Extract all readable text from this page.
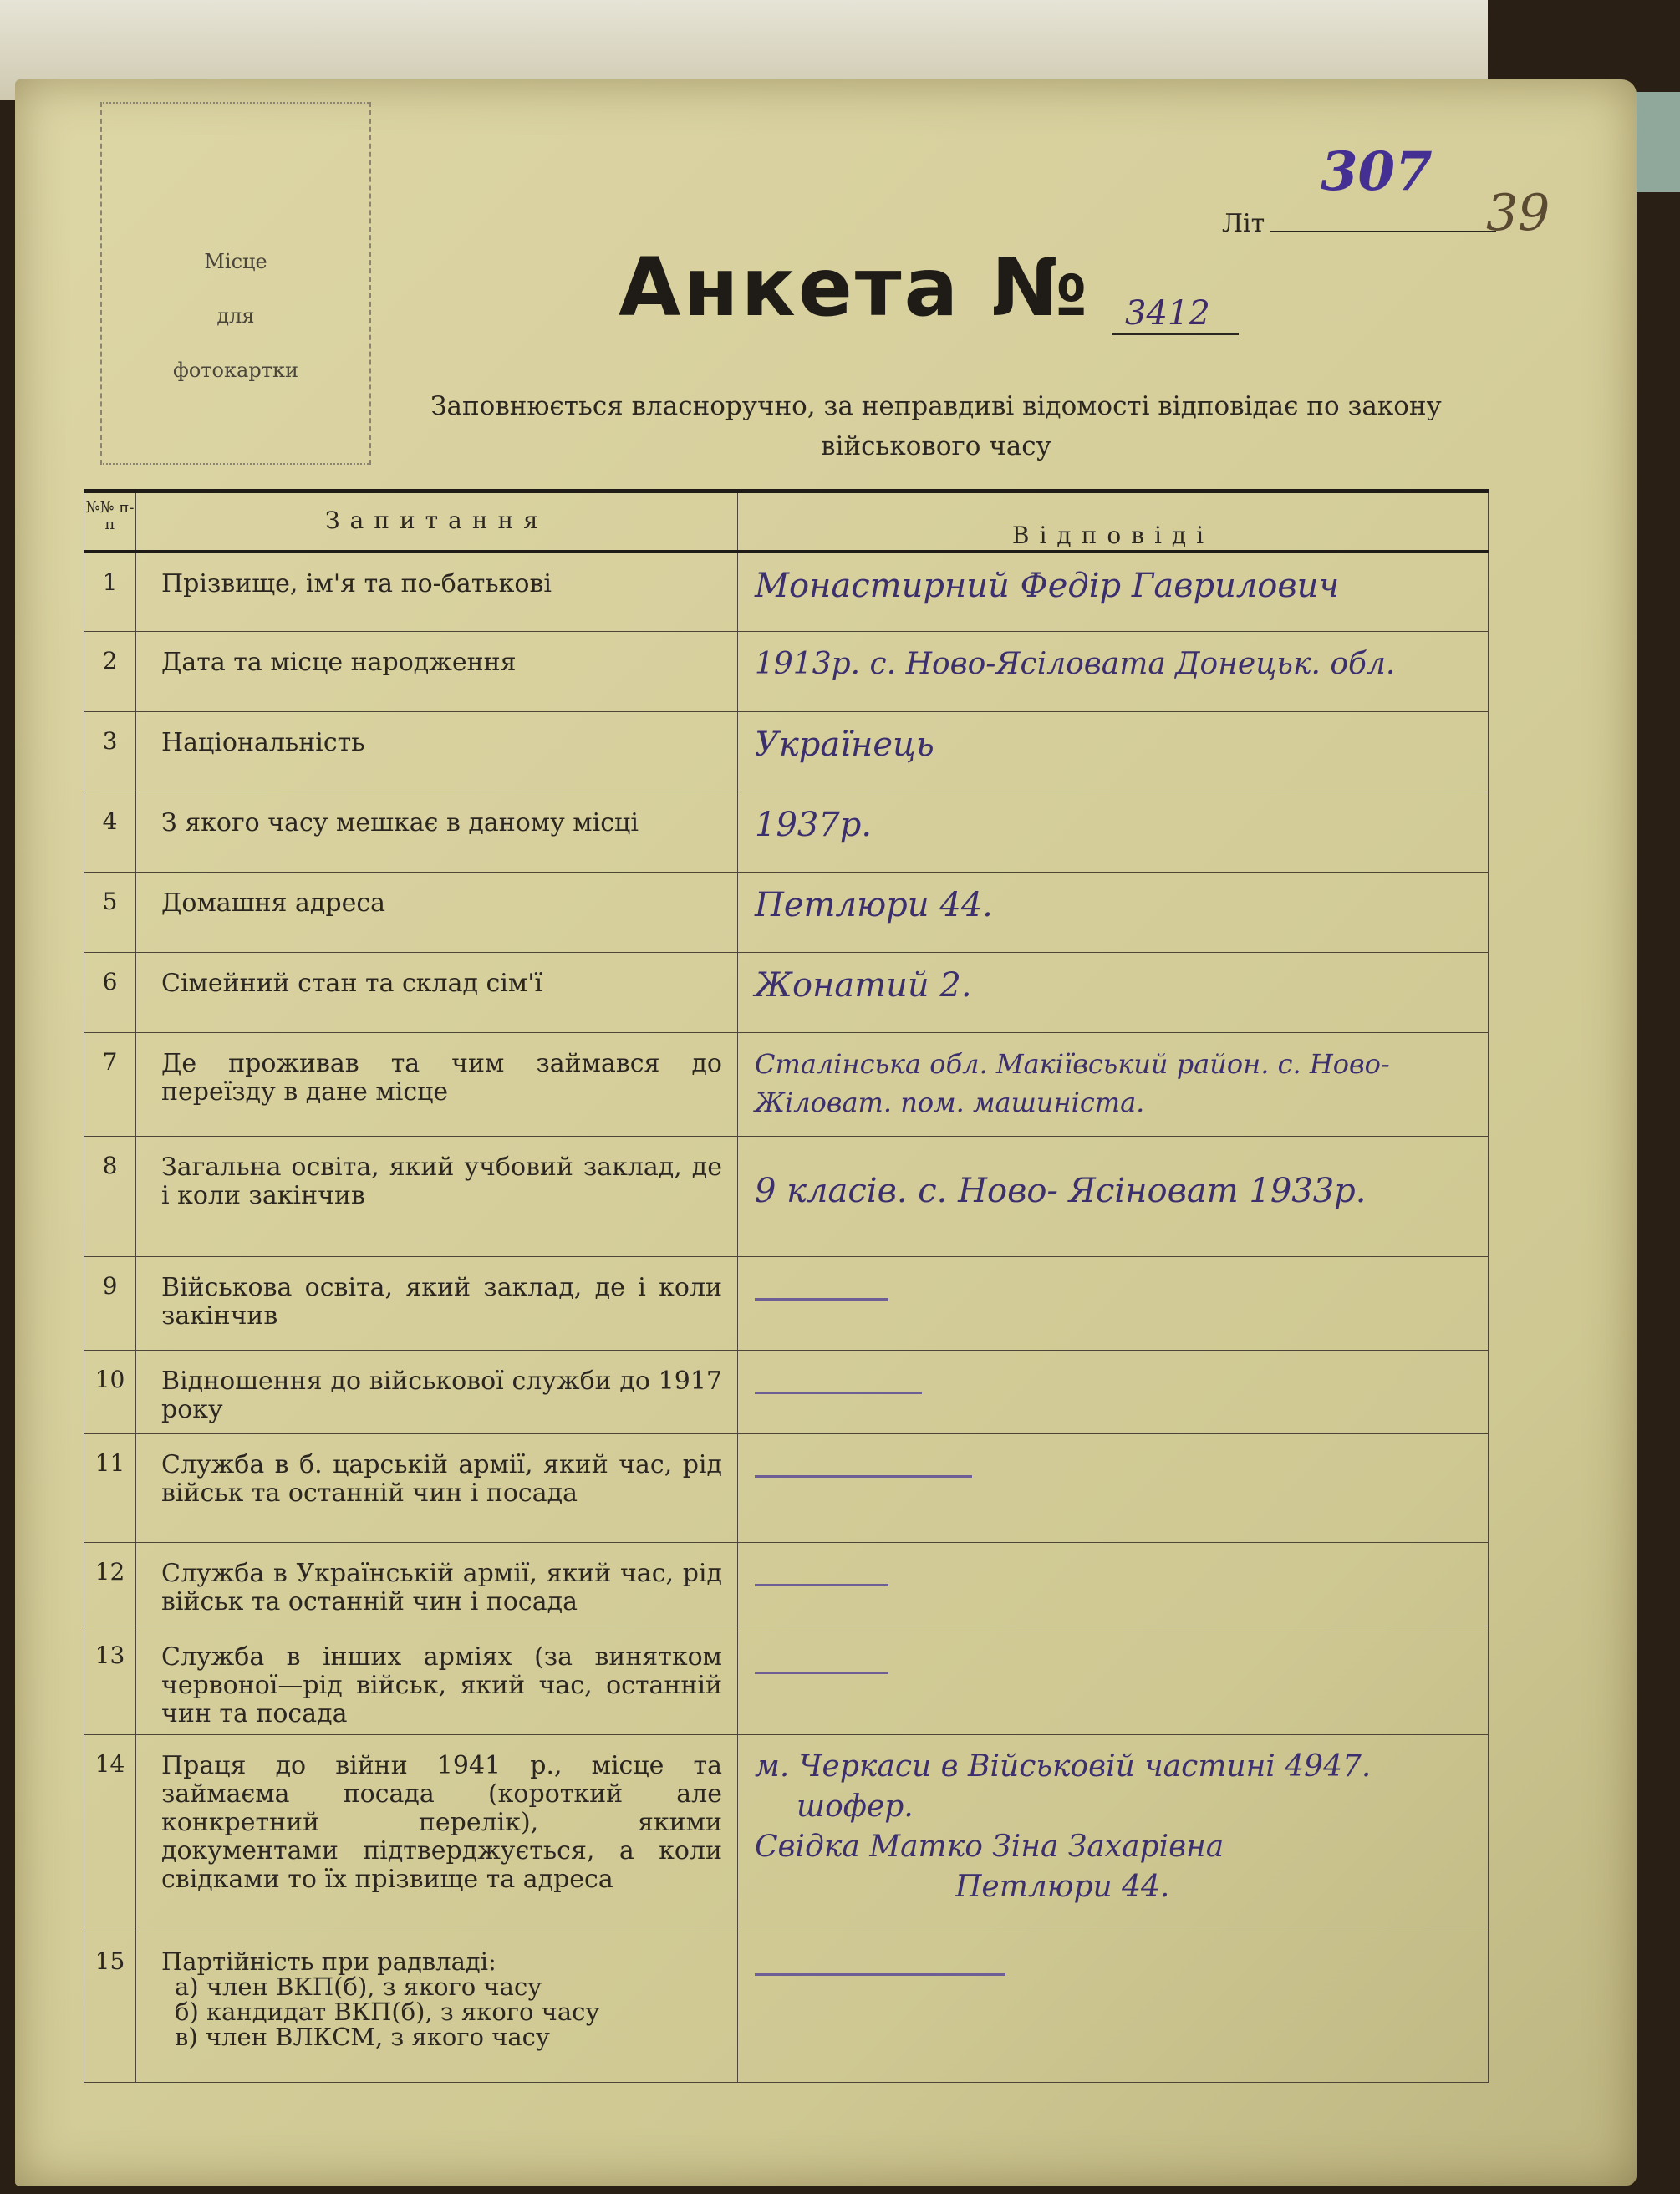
Місце
для
фотокартки
307
Літ	39
Анкета №	3412
Заповнюється власноручно, за неправдиві відомості відповідає по закону
військового часу
№№ п-п	Запитання	Відповіді
1	Прізвище, ім'я та по-батькові	Монастирний Федір Гаврилович
2	Дата та місце народження	1913р. с. Ново-Яcіловата Донецьк. обл.
3	Національність	Українець
4	З якого часу мешкає в даному місці	1937р.
5	Домашня адреса	Петлюри 44.
6	Сімейний стан та склад сім'ї	Жонатий 2.
7	Де проживав та чим займався до переїзду в дане місце	Сталінська обл. Макіївський район. с. Ново-Жіловат. пом. машиніста.
8	Загальна освіта, який учбовий заклад, де і коли закінчив	9 класів. с. Ново- Ясіноват 1933р.
9	Військова освіта, який заклад, де і коли закінчив	
10	Відношення до військової служби до 1917 року	
11	Служба в б. царській армії, який час, рід військ та останній чин і посада	
12	Служба в Українській армії, який час, рід військ та останній чин і посада	
13	Служба в інших арміях (за винятком червоної—рід військ, який час, останній чин та посада	
14	Праця до війни 1941 р., місце та займаєма посада (короткий але конкретний перелік), якими документами підтверджується, а коли свідками то їх прізвище та адреса	м. Черкаси в Військовій частині 4947.
шофер.
Свідка Матко Зіна Захарівна
Петлюри 44.

15	Партійність при радвладі:
а) член ВКП(б), з якого часу
б) кандидат ВКП(б), з якого часу
в) член ВЛКСМ, з якого часу	
